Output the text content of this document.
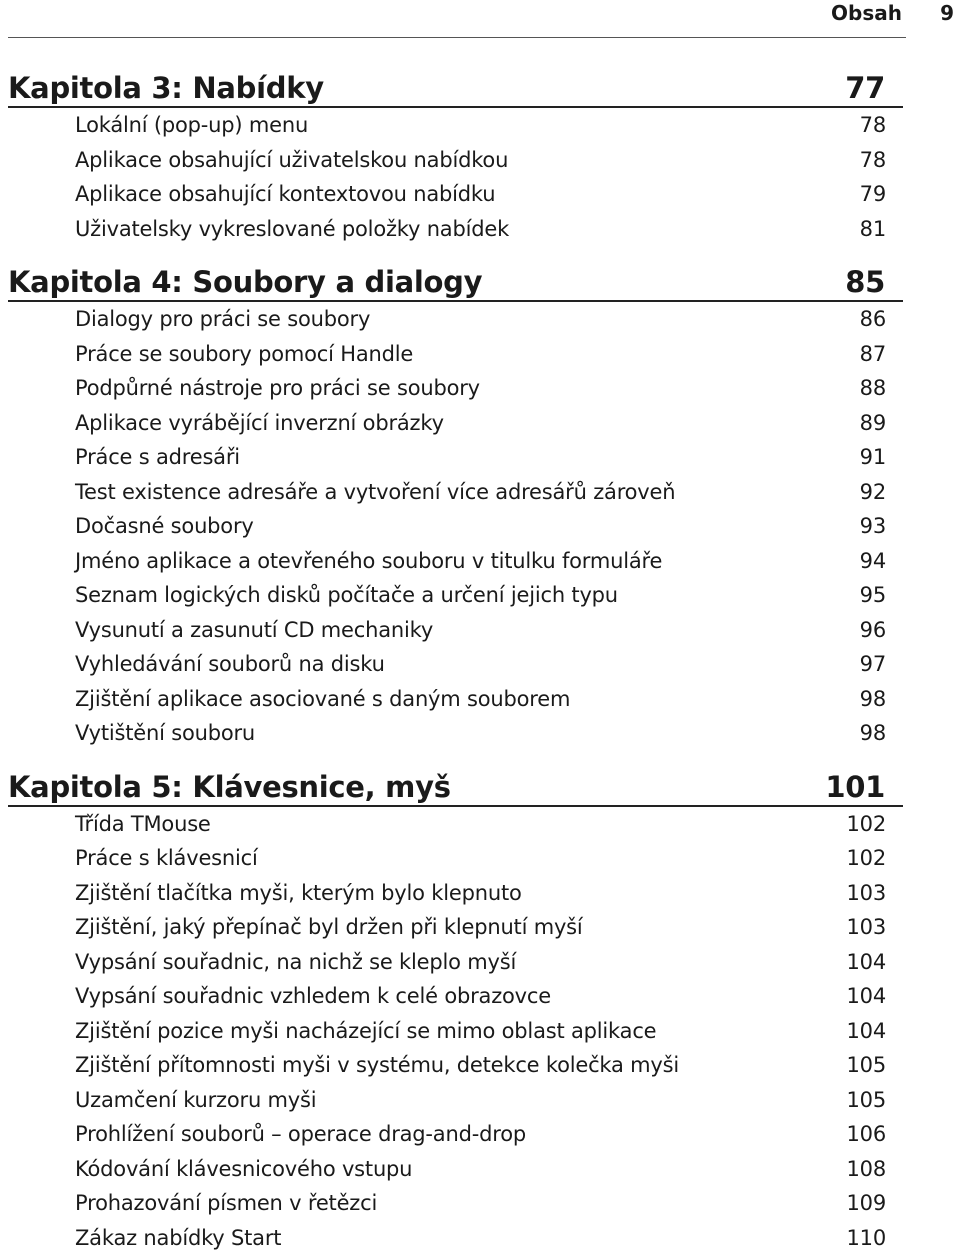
Obsah 9
Kapitola 3: Nabídky	77
Lokální (pop-up) menu	78
Aplikace obsahující uživatelskou nabídkou	78
Aplikace obsahující kontextovou nabídku	79
Uživatelsky vykreslované položky nabídek	81
Kapitola 4: Soubory a dialogy	85
Dialogy pro práci se soubory	86
Práce se soubory pomocí Handle	87
Podpůrné nástroje pro práci se soubory	88
Aplikace vyrábějící inverzní obrázky	89
Práce s adresáři	91
Test existence adresáře a vytvoření více adresářů zároveň	92
Dočasné soubory	93
Jméno aplikace a otevřeného souboru v titulku formuláře	94
Seznam logických disků počítače a určení jejich typu	95
Vysunutí a zasunutí CD mechaniky	96
Vyhledávání souborů na disku	97
Zjištění aplikace asociované s daným souborem	98
Vytištění souboru	98
Kapitola 5: Klávesnice, myš	101
Třída TMouse	102
Práce s klávesnicí	102
Zjištění tlačítka myši, kterým bylo klepnuto	103
Zjištění, jaký přepínač byl držen při klepnutí myší	103
Vypsání souřadnic, na nichž se kleplo myší	104
Vypsání souřadnic vzhledem k celé obrazovce	104
Zjištění pozice myši nacházející se mimo oblast aplikace	104
Zjištění přítomnosti myši v systému, detekce kolečka myši	105
Uzamčení kurzoru myši	105
Prohlížení souborů – operace drag-and-drop	106
Kódování klávesnicového vstupu	108
Prohazování písmen v řetězci	109
Zákaz nabídky Start	110
